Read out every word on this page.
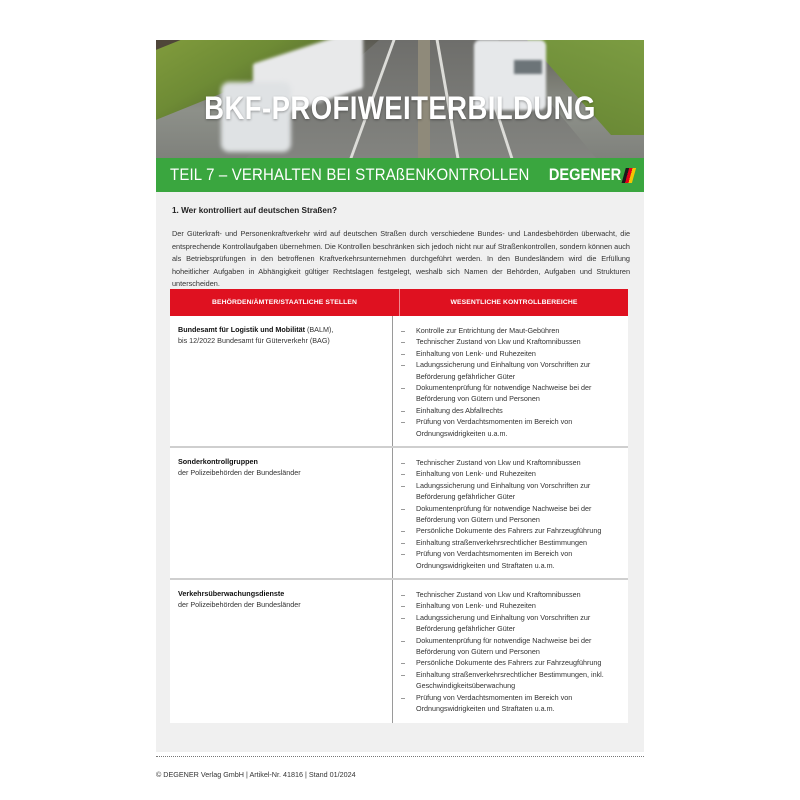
BKF-PROFIWEITERBILDUNG
TEIL 7 – VERHALTEN BEI STRAßENKONTROLLEN DEGENER
1. Wer kontrolliert auf deutschen Straßen?
Der Güterkraft- und Personenkraftverkehr wird auf deutschen Straßen durch verschiedene Bundes- und Landesbehörden überwacht, die entsprechende Kontrollaufgaben übernehmen. Die Kontrollen beschränken sich jedoch nicht nur auf Straßenkontrollen, sondern können auch als Betriebsprüfungen in den betroffenen Kraftverkehrsunternehmen durchgeführt werden. In den Bundesländern wird die Erfüllung hoheitlicher Aufgaben in Abhängigkeit gültiger Rechtslagen festgelegt, weshalb sich Namen der Behörden, Aufgaben und Strukturen unterscheiden.
BEHÖRDEN/ÄMTER/STAATLICHE STELLEN	WESENTLICHE KONTROLLBEREICHE
Bundesamt für Logistik und Mobilität (BALM),
bis 12/2022 Bundesamt für Güterverkehr (BAG)
– Kontrolle zur Entrichtung der Maut-Gebühren
– Technischer Zustand von Lkw und Kraftomnibussen
– Einhaltung von Lenk- und Ruhezeiten
– Ladungssicherung und Einhaltung von Vorschriften zur Beförderung gefährlicher Güter
– Dokumentenprüfung für notwendige Nachweise bei der Beförderung von Gütern und Personen
– Einhaltung des Abfallrechts
– Prüfung von Verdachtsmomenten im Bereich von Ordnungswidrigkeiten u.a.m.
Sonderkontrollgruppen
der Polizeibehörden der Bundesländer
– Technischer Zustand von Lkw und Kraftomnibussen
– Einhaltung von Lenk- und Ruhezeiten
– Ladungssicherung und Einhaltung von Vorschriften zur Beförderung gefährlicher Güter
– Dokumentenprüfung für notwendige Nachweise bei der Beförderung von Gütern und Personen
– Persönliche Dokumente des Fahrers zur Fahrzeugführung
– Einhaltung straßenverkehrsrechtlicher Bestimmungen
– Prüfung von Verdachtsmomenten im Bereich von Ordnungswidrigkeiten und Straftaten u.a.m.
Verkehrsüberwachungsdienste
der Polizeibehörden der Bundesländer
– Technischer Zustand von Lkw und Kraftomnibussen
– Einhaltung von Lenk- und Ruhezeiten
– Ladungssicherung und Einhaltung von Vorschriften zur Beförderung gefährlicher Güter
– Dokumentenprüfung für notwendige Nachweise bei der Beförderung von Gütern und Personen
– Persönliche Dokumente des Fahrers zur Fahrzeugführung
– Einhaltung straßenverkehrsrechtlicher Bestimmungen, inkl. Geschwindigkeitsüberwachung
– Prüfung von Verdachtsmomenten im Bereich von Ordnungswidrigkeiten und Straftaten u.a.m.
© DEGENER Verlag GmbH | Artikel-Nr. 41816 | Stand 01/2024
